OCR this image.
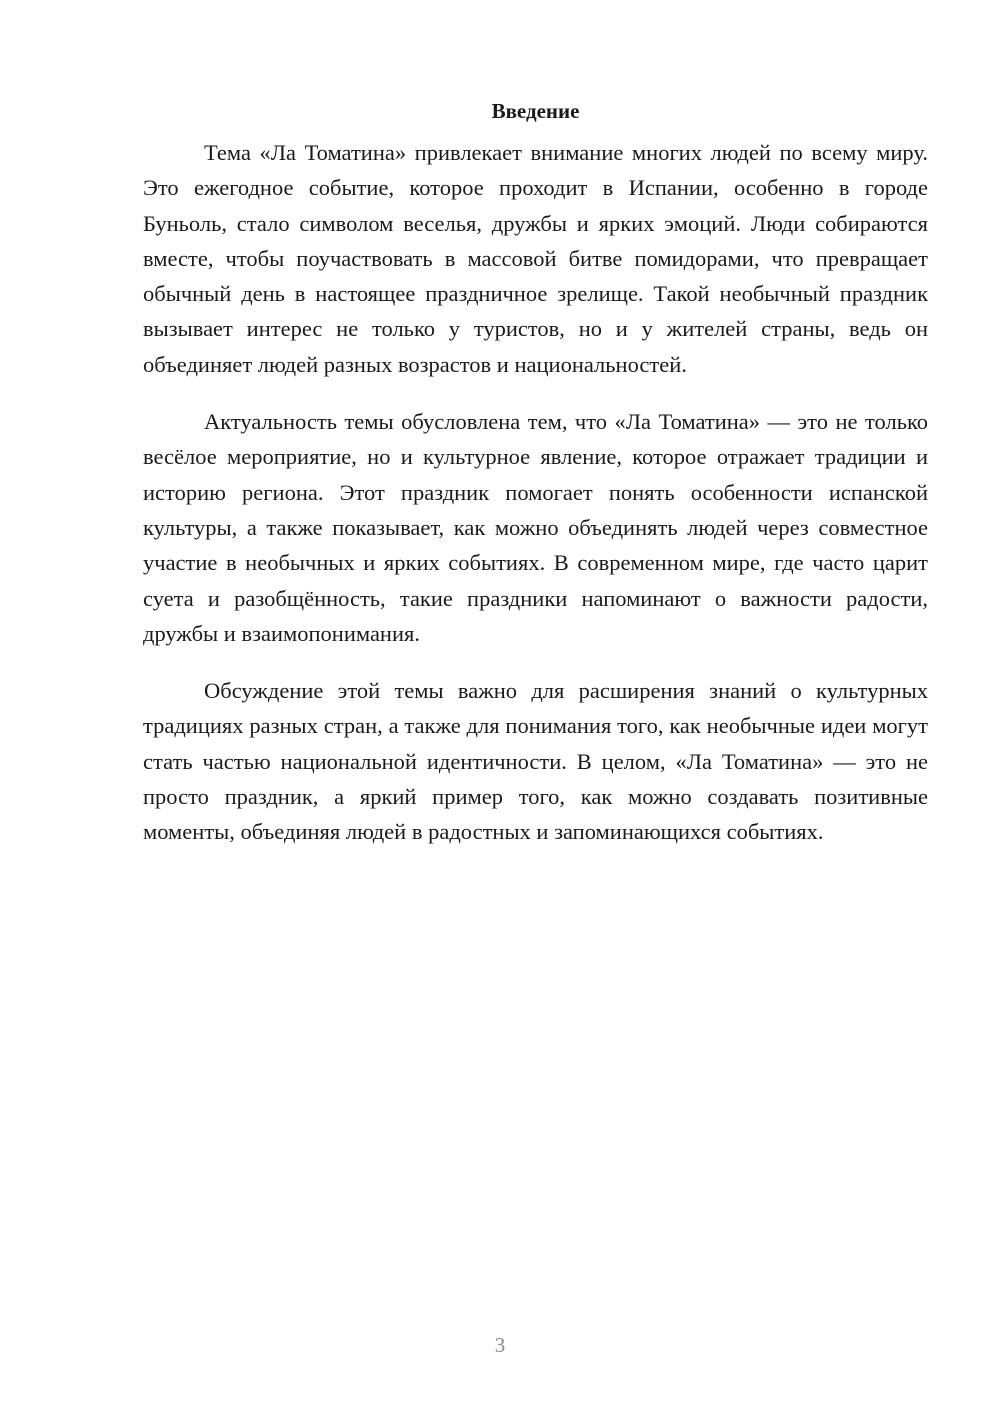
Введение

Тема «Ла Томатина» привлекает внимание многих людей по всему миру. Это ежегодное событие, которое проходит в Испании, особенно в городе Буньоль, стало символом веселья, дружбы и ярких эмоций. Люди собираются вместе, чтобы поучаствовать в массовой битве помидорами, что превращает обычный день в настоящее праздничное зрелище. Такой необычный праздник вызывает интерес не только у туристов, но и у жителей страны, ведь он объединяет людей разных возрастов и национальностей.

Актуальность темы обусловлена тем, что «Ла Томатина» — это не только весёлое мероприятие, но и культурное явление, которое отражает традиции и историю региона. Этот праздник помогает понять особенности испанской культуры, а также показывает, как можно объединять людей через совместное участие в необычных и ярких событиях. В современном мире, где часто царит суета и разобщённость, такие праздники напоминают о важности радости, дружбы и взаимопонимания.

Обсуждение этой темы важно для расширения знаний о культурных традициях разных стран, а также для понимания того, как необычные идеи могут стать частью национальной идентичности. В целом, «Ла Томатина» — это не просто праздник, а яркий пример того, как можно создавать позитивные моменты, объединяя людей в радостных и запоминающихся событиях.

3
